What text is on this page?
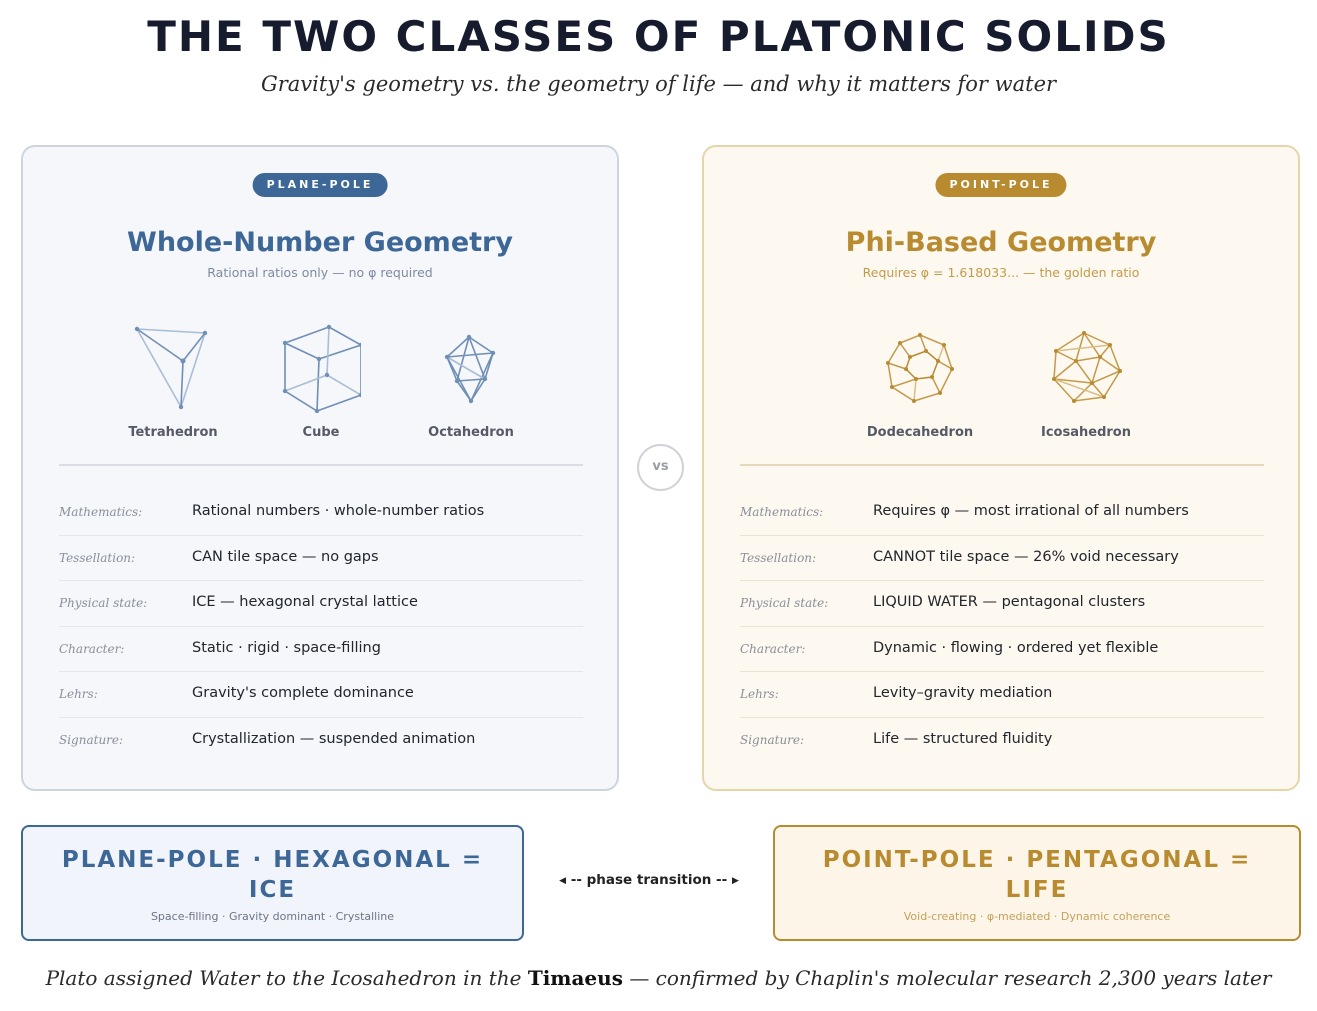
THE TWO CLASSES OF PLATONIC SOLIDS
Gravity's geometry vs. the geometry of life — and why it matters for water
PLANE-POLE
Whole-Number Geometry
Rational ratios only — no φ required
Tetrahedron	Cube	Octahedron
Mathematics:	Rational numbers · whole-number ratios
Tessellation:	CAN tile space — no gaps
Physical state:	ICE — hexagonal crystal lattice
Character:	Static · rigid · space-filling
Lehrs:	Gravity's complete dominance
Signature:	Crystallization — suspended animation
vs
POINT-POLE
Phi-Based Geometry
Requires φ = 1.618033... — the golden ratio
Dodecahedron	Icosahedron
Mathematics:	Requires φ — most irrational of all numbers
Tessellation:	CANNOT tile space — 26% void necessary
Physical state:	LIQUID WATER — pentagonal clusters
Character:	Dynamic · flowing · ordered yet flexible
Lehrs:	Levity–gravity mediation
Signature:	Life — structured fluidity
PLANE-POLE · HEXAGONAL = ICE
Space-filling · Gravity dominant · Crystalline
◀ -- phase transition -- ▶
POINT-POLE · PENTAGONAL = LIFE
Void-creating · φ-mediated · Dynamic coherence
Plato assigned Water to the Icosahedron in the Timaeus — confirmed by Chaplin's molecular research 2,300 years later
